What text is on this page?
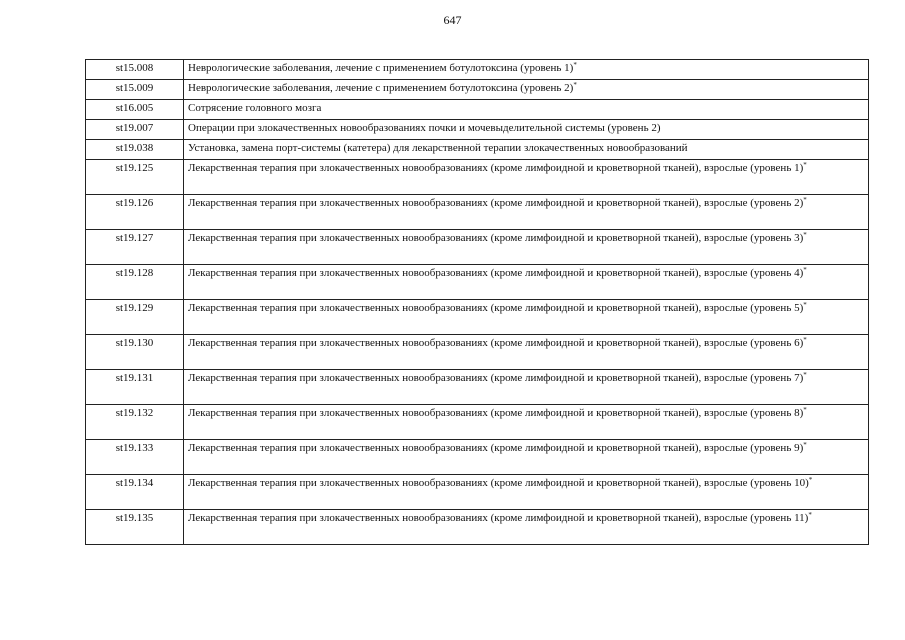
647
st15.008	Неврологические заболевания, лечение с применением ботулотоксина (уровень 1)*
st15.009	Неврологические заболевания, лечение с применением ботулотоксина (уровень 2)*
st16.005	Сотрясение головного мозга
st19.007	Операции при злокачественных новообразованиях почки и мочевыделительной системы (уровень 2)
st19.038	Установка, замена порт-системы (катетера) для лекарственной терапии злокачественных новообразований
st19.125	Лекарственная терапия при злокачественных новообразованиях (кроме лимфоидной и кроветворной тканей), взрослые (уровень 1)*
st19.126	Лекарственная терапия при злокачественных новообразованиях (кроме лимфоидной и кроветворной тканей), взрослые (уровень 2)*
st19.127	Лекарственная терапия при злокачественных новообразованиях (кроме лимфоидной и кроветворной тканей), взрослые (уровень 3)*
st19.128	Лекарственная терапия при злокачественных новообразованиях (кроме лимфоидной и кроветворной тканей), взрослые (уровень 4)*
st19.129	Лекарственная терапия при злокачественных новообразованиях (кроме лимфоидной и кроветворной тканей), взрослые (уровень 5)*
st19.130	Лекарственная терапия при злокачественных новообразованиях (кроме лимфоидной и кроветворной тканей), взрослые (уровень 6)*
st19.131	Лекарственная терапия при злокачественных новообразованиях (кроме лимфоидной и кроветворной тканей), взрослые (уровень 7)*
st19.132	Лекарственная терапия при злокачественных новообразованиях (кроме лимфоидной и кроветворной тканей), взрослые (уровень 8)*
st19.133	Лекарственная терапия при злокачественных новообразованиях (кроме лимфоидной и кроветворной тканей), взрослые (уровень 9)*
st19.134	Лекарственная терапия при злокачественных новообразованиях (кроме лимфоидной и кроветворной тканей), взрослые (уровень 10)*
st19.135	Лекарственная терапия при злокачественных новообразованиях (кроме лимфоидной и кроветворной тканей), взрослые (уровень 11)*
